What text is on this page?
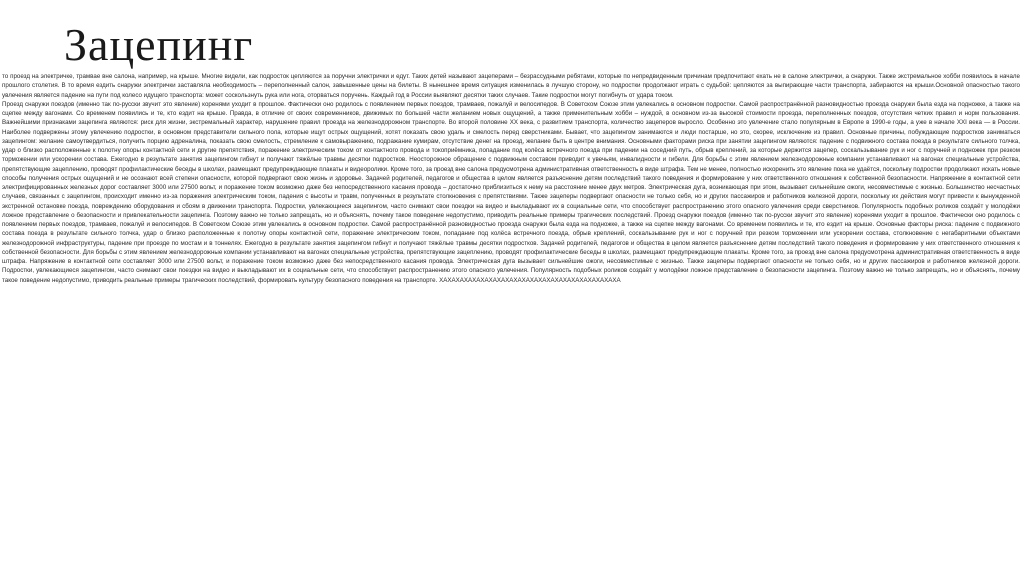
Зацепинг

то проезд на электричке, трамвае вне салона, например, на крыше. Многие видели, как подросток цепляются за поручни электрички и едут. Таких детей называют зацеперами – безрассудными ребятами, которые по непредвиденным причинам предпочитают ехать не в салоне электрички, а снаружи. Также экстремальное хобби появилось в начале прошлого столетия. В то время ездить снаружи электрички заставляла необходимость – переполненный салон, завышенные цены на билеты. В нынешнее время ситуация изменилась в лучшую сторону, но подростки продолжают играть с судьбой: цепляются за выпирающие части транспорта, забираются на крыши.Основной опасностью такого увлечения является падение на пути под колесо идущего транспорта: может соскользнуть рука или нога, оторваться поручень. Каждый год в России выявляют десятки таких случаев. Такие подростки могут погибнуть от удара током.

Проезд снаружи поездов (именно так по-русски звучит это явление) коренями уходит в прошлое. Фактически оно родилось с появлением первых поездов, трамваев, пожалуй и велосипедов. В Советском Союзе этим увлекались в основном подростки. Самой распространённой разновидностью проезда снаружи была езда на подножке, а также на сцепке между вагонами. Со временем появились и те, кто ездит на крыше. Правда, в отличие от своих современников, движимых по большей части желанием новых ощущений, а также применительным хобби – нуждой, в основном из-за высокой стоимости проезда, переполненных поездов, отсутствия четких правил и норм пользования. Важнейшими признаками зацепинга являются: риск для жизни, экстремальный характер, нарушение правил проезда на железнодорожном транспорте. Во второй половине XX века, с развитием транспорта, количество зацеперов выросло. Особенно это увлечение стало популярным в Европе в 1990-е годы, а уже в начале XXI века — в России. Наиболее подвержены этому увлечению подростки, в основном представители сильного пола, которые ищут острых ощущений, хотят показать свою удаль и смелость перед сверстниками. Бывает, что зацепингом занимаются и люди постарше, но это, скорее, исключение из правил. Основные причины, побуждающие подростков заниматься зацепингом: желание самоутвердиться, получить порцию адреналина, показать свою смелость, стремление к самовыражению, подражание кумирам, отсутствие денег на проезд, желание быть в центре внимания. Основными факторами риска при занятии зацепингом являются: падение с подвижного состава поезда в результате сильного толчка, удар о близко расположенные к полотну опоры контактной сети и другие препятствия, поражение электрическим током от контактного провода и токоприёмника, попадание под колёса встречного поезда при падении на соседний путь, обрыв креплений, за которые держится зацепер, соскальзывание рук и ног с поручней и подножек при резком торможении или ускорении состава. Ежегодно в результате занятия зацепингом гибнут и получают тяжёлые травмы десятки подростков. Неосторожное обращение с подвижным составом приводит к увечьям, инвалидности и гибели. Для борьбы с этим явлением железнодорожные компании устанавливают на вагонах специальные устройства, препятствующие зацеплению, проводят профилактические беседы в школах, размещают предупреждающие плакаты и видеоролики. Кроме того, за проезд вне салона предусмотрена административная ответственность в виде штрафа. Тем не менее, полностью искоренить это явление пока не удаётся, поскольку подростки продолжают искать новые способы получения острых ощущений и не осознают всей степени опасности, которой подвергают свою жизнь и здоровье. Задачей родителей, педагогов и общества в целом является разъяснение детям последствий такого поведения и формирование у них ответственного отношения к собственной безопасности. Напряжение в контактной сети электрифицированных железных дорог составляет 3000 или 27500 вольт, и поражение током возможно даже без непосредственного касания провода – достаточно приблизиться к нему на расстояние менее двух метров. Электрическая дуга, возникающая при этом, вызывает сильнейшие ожоги, несовместимые с жизнью. Большинство несчастных случаев, связанных с зацепингом, происходит именно из-за поражения электрическим током, падения с высоты и травм, полученных в результате столкновения с препятствиями. Также зацеперы подвергают опасности не только себя, но и других пассажиров и работников железной дороги, поскольку их действия могут привести к вынужденной экстренной остановке поезда, повреждению оборудования и сбоям в движении транспорта. Подростки, увлекающиеся зацепингом, часто снимают свои поездки на видео и выкладывают их в социальные сети, что способствует распространению этого опасного увлечения среди сверстников. Популярность подобных роликов создаёт у молодёжи ложное представление о безопасности и привлекательности зацепинга. Поэтому важно не только запрещать, но и объяснять, почему такое поведение недопустимо, приводить реальные примеры трагических последствий. Проезд снаружи поездов (именно так по-русски звучит это явление) коренями уходит в прошлое. Фактически оно родилось с появлением первых поездов, трамваев, пожалуй и велосипедов. В Советском Союзе этим увлекались в основном подростки. Самой распространённой разновидностью проезда снаружи была езда на подножке, а также на сцепке между вагонами. Со временем появились и те, кто ездит на крыше. Основные факторы риска: падение с подвижного состава поезда в результате сильного толчка, удар о близко расположенные к полотну опоры контактной сети, поражение электрическим током, попадание под колёса встречного поезда, обрыв креплений, соскальзывание рук и ног с поручней при резком торможении или ускорении состава, столкновение с негабаритными объектами железнодорожной инфраструктуры, падение при проезде по мостам и в тоннелях. Ежегодно в результате занятия зацепингом гибнут и получают тяжёлые травмы десятки подростков. Задачей родителей, педагогов и общества в целом является разъяснение детям последствий такого поведения и формирование у них ответственного отношения к собственной безопасности. Для борьбы с этим явлением железнодорожные компании устанавливают на вагонах специальные устройства, препятствующие зацеплению, проводят профилактические беседы в школах, размещают предупреждающие плакаты. Кроме того, за проезд вне салона предусмотрена административная ответственность в виде штрафа. Напряжение в контактной сети составляет 3000 или 27500 вольт, и поражение током возможно даже без непосредственного касания провода. Электрическая дуга вызывает сильнейшие ожоги, несовместимые с жизнью. Также зацеперы подвергают опасности не только себя, но и других пассажиров и работников железной дороги. Подростки, увлекающиеся зацепингом, часто снимают свои поездки на видео и выкладывают их в социальные сети, что способствует распространению этого опасного увлечения. Популярность подобных роликов создаёт у молодёжи ложное представление о безопасности зацепинга. Поэтому важно не только запрещать, но и объяснять, почему такое поведение недопустимо, приводить реальные примеры трагических последствий, формировать культуру безопасного поведения на транспорте. ХАХАХАХАХАХАХАХАХАХАХАХАХАХАХАХАХАХАХАХАХАХА
